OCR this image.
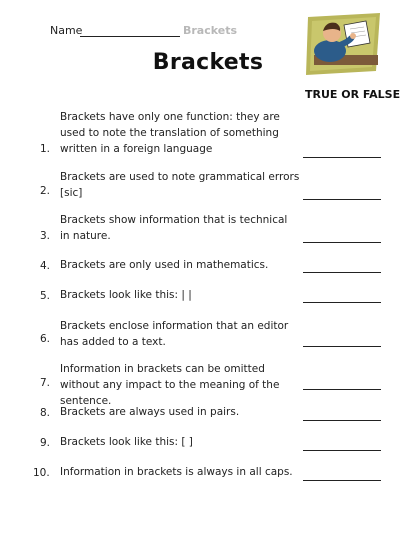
Name	Brackets
Brackets
TRUE OR FALSE
Brackets have only one function: they are used to note the translation of something written in a foreign language
1.
Brackets are used to note grammatical errors [sic]
2.
Brackets show information that is technical in nature.
3.
4. Brackets are only used in mathematics.
5. Brackets look like this: | |
Brackets enclose information that an editor has added to a text.
6.
Information in brackets can be omitted without any impact to the meaning of the sentence.
7.
8. Brackets are always used in pairs.
9. Brackets look like this: [ ]
10. Information in brackets is always in all caps.
